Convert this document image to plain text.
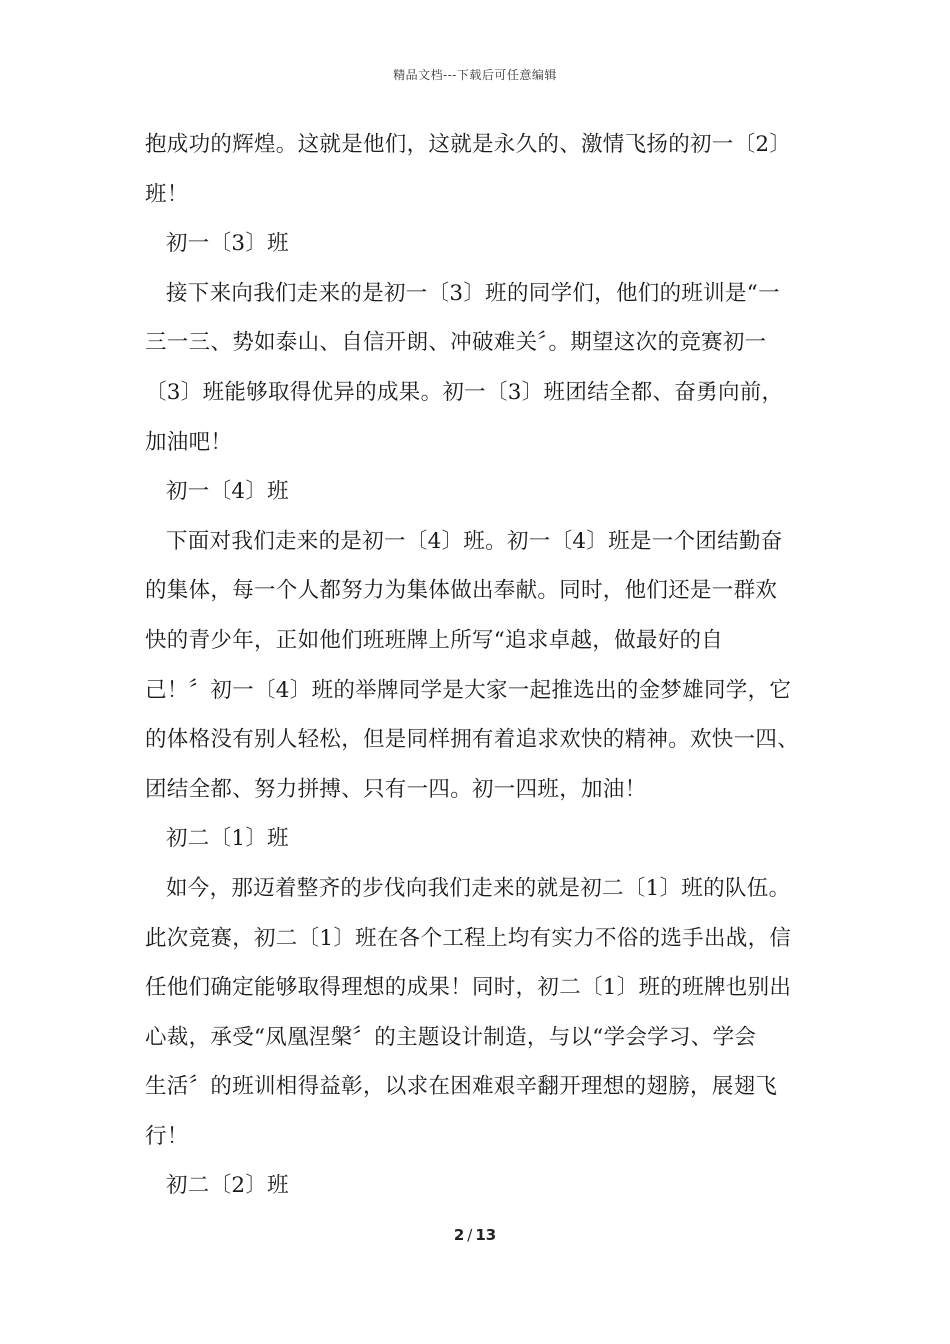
精品文档---下载后可任意编辑
抱成功的辉煌。这就是他们，这就是永久的、激情飞扬的初一〔2〕
班！
初一〔3〕班
接下来向我们走来的是初一〔3〕班的同学们，他们的班训是“一
三一三、势如泰山、自信开朗、冲破难关〞。期望这次的竞赛初一
〔3〕班能够取得优异的成果。初一〔3〕班团结全都、奋勇向前，
加油吧！
初一〔4〕班
下面对我们走来的是初一〔4〕班。初一〔4〕班是一个团结勤奋
的集体，每一个人都努力为集体做出奉献。同时，他们还是一群欢
快的青少年，正如他们班班牌上所写“追求卓越，做最好的自
己！〞初一〔4〕班的举牌同学是大家一起推选出的金梦雄同学，它
的体格没有别人轻松，但是同样拥有着追求欢快的精神。欢快一四、
团结全都、努力拼搏、只有一四。初一四班，加油！
初二〔1〕班
如今，那迈着整齐的步伐向我们走来的就是初二〔1〕班的队伍。
此次竞赛，初二〔1〕班在各个工程上均有实力不俗的选手出战，信
任他们确定能够取得理想的成果！同时，初二〔1〕班的班牌也别出
心裁，承受“凤凰涅槃〞的主题设计制造，与以“学会学习、学会
生活〞的班训相得益彰，以求在困难艰辛翻开理想的翅膀，展翅飞
行！
初二〔2〕班
2 / 13
